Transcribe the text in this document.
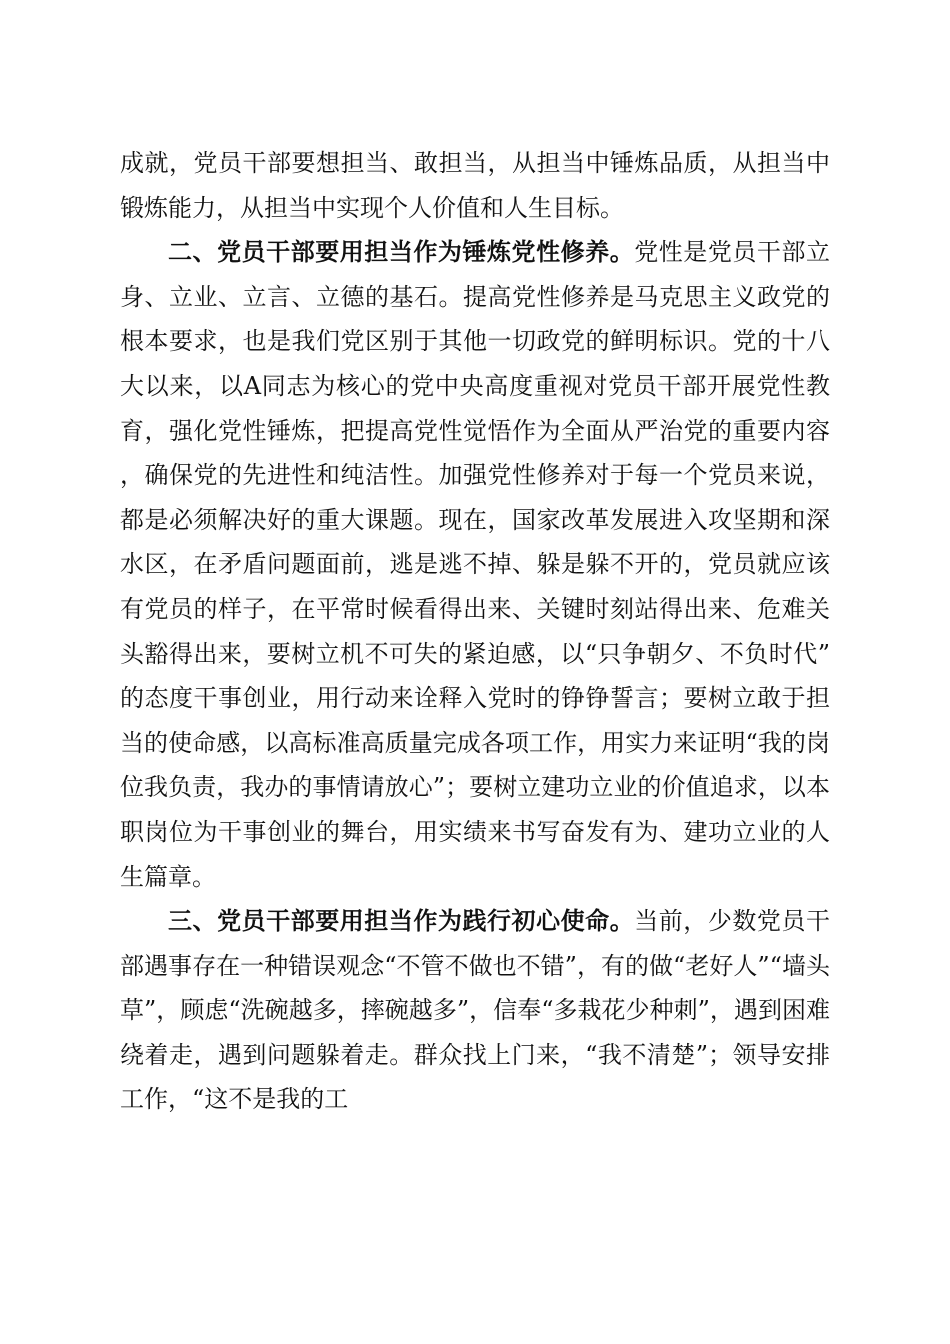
成就，党员干部要想担当、敢担当，从担当中锤炼品质，从担当中锻炼能力，从担当中实现个人价值和人生目标。

二、党员干部要用担当作为锤炼党性修养。党性是党员干部立身、立业、立言、立德的基石。提高党性修养是马克思主义政党的根本要求，也是我们党区别于其他一切政党的鲜明标识。党的十八大以来，以A同志为核心的党中央高度重视对党员干部开展党性教育，强化党性锤炼，把提高党性觉悟作为全面从严治党的重要内容，确保党的先进性和纯洁性。加强党性修养对于每一个党员来说，都是必须解决好的重大课题。现在，国家改革发展进入攻坚期和深水区，在矛盾问题面前，逃是逃不掉、躲是躲不开的，党员就应该有党员的样子，在平常时候看得出来、关键时刻站得出来、危难关头豁得出来，要树立机不可失的紧迫感，以“只争朝夕、不负时代”的态度干事创业，用行动来诠释入党时的铮铮誓言；要树立敢于担当的使命感，以高标准高质量完成各项工作，用实力来证明“我的岗位我负责，我办的事情请放心”；要树立建功立业的价值追求，以本职岗位为干事创业的舞台，用实绩来书写奋发有为、建功立业的人生篇章。

三、党员干部要用担当作为践行初心使命。当前，少数党员干部遇事存在一种错误观念“不管不做也不错”，有的做“老好人”“墙头草”，顾虑“洗碗越多，摔碗越多”，信奉“多栽花少种刺”，遇到困难绕着走，遇到问题躲着走。群众找上门来，“我不清楚”；领导安排工作，“这不是我的工
